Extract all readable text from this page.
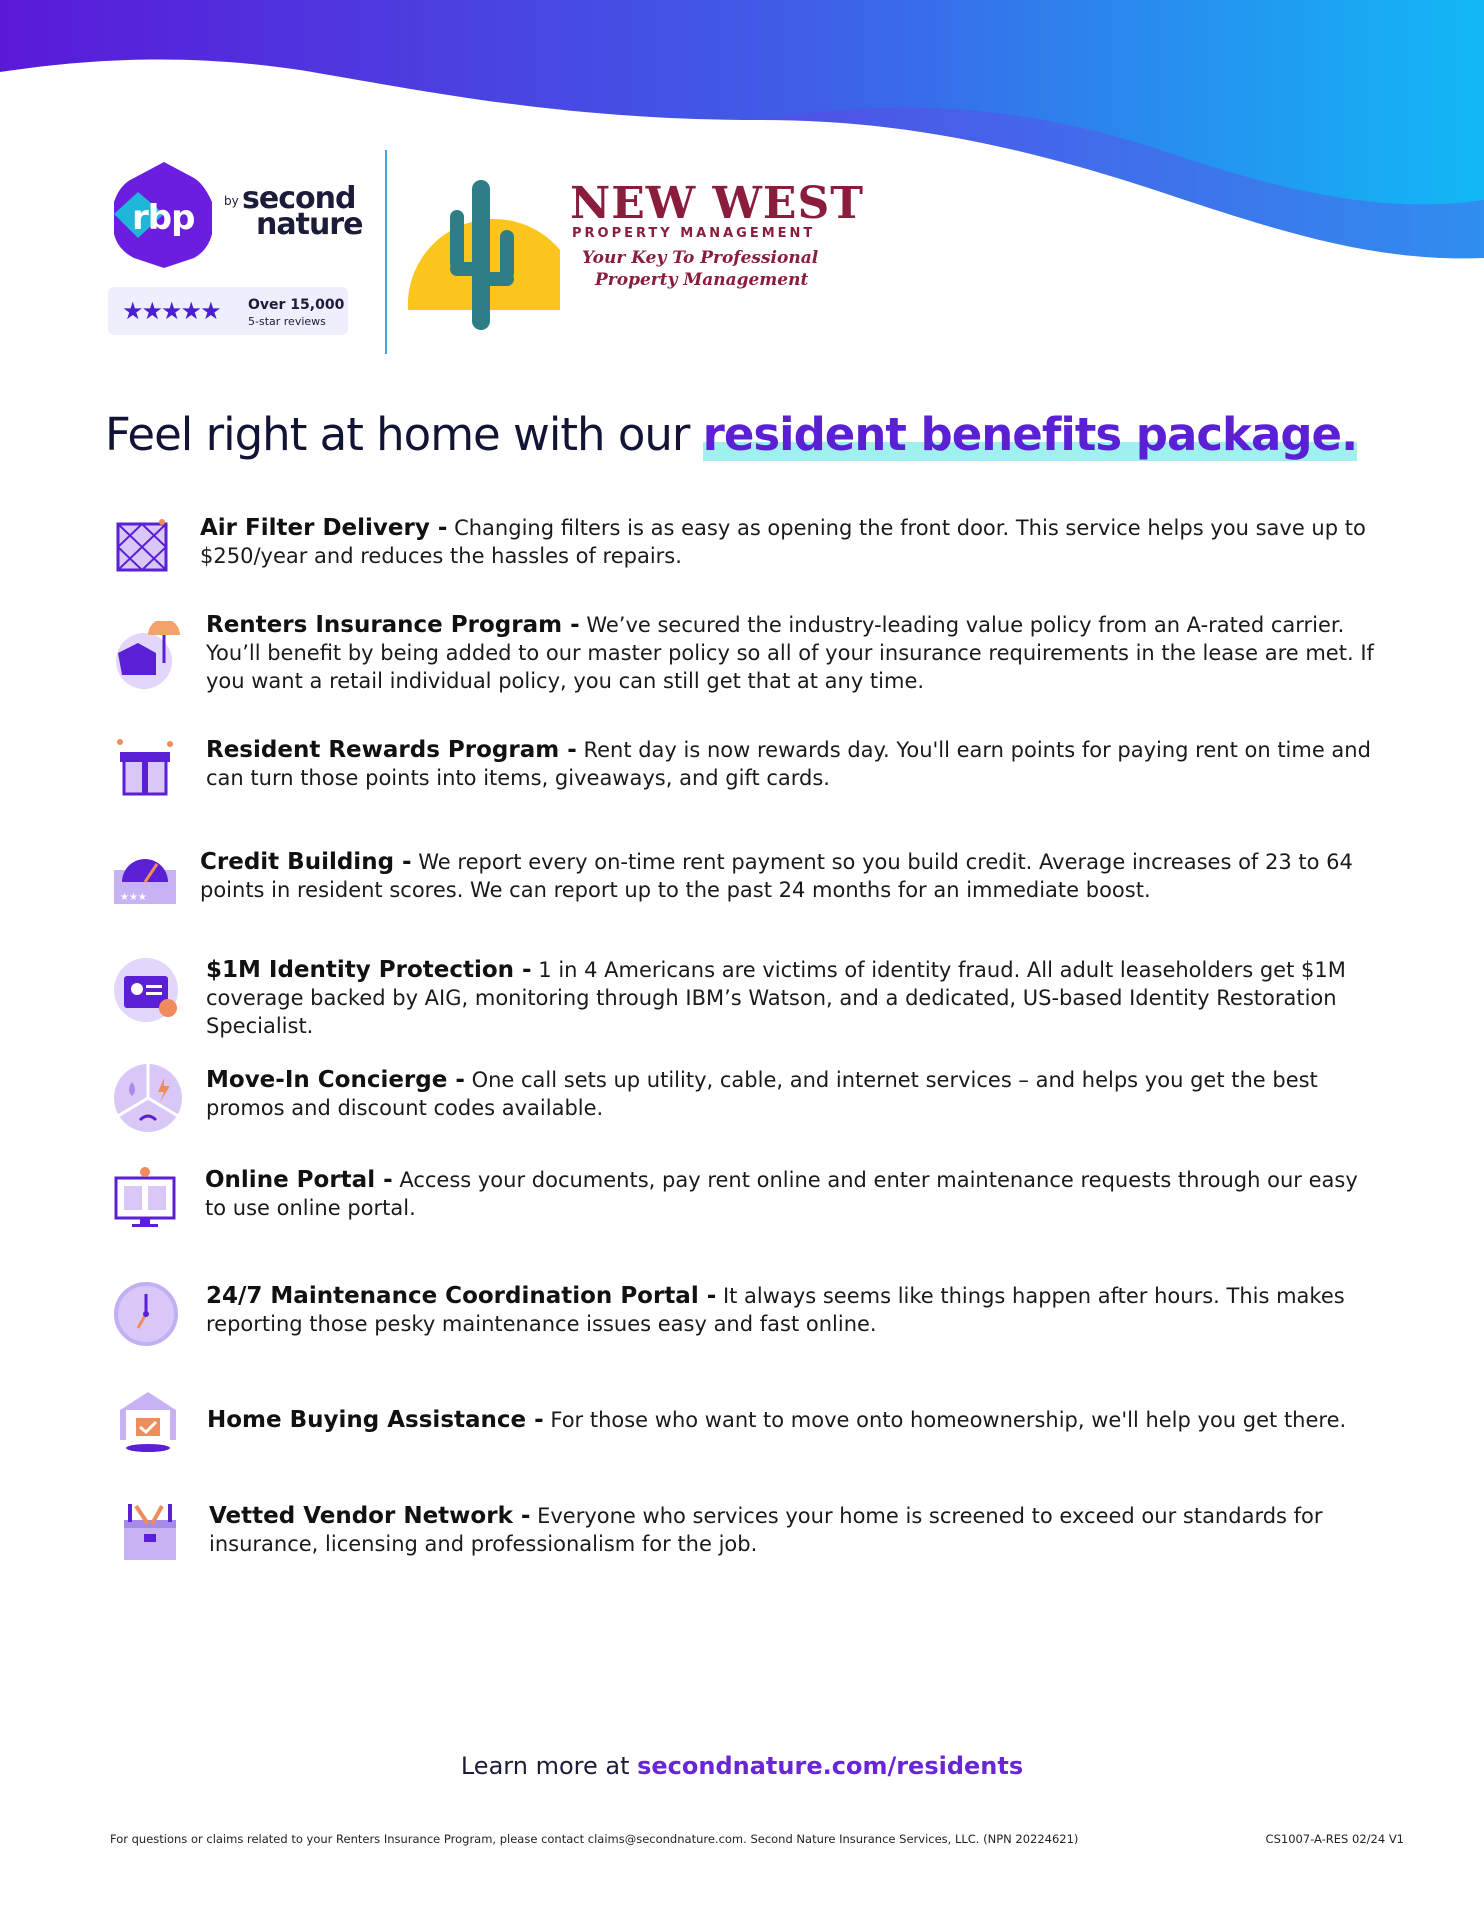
rbp by second
nature
★★★★★ Over 15,000
5-star reviews
NEW WEST
PROPERTY MANAGEMENT
Your Key To Professional
Property Management
Feel right at home with our resident benefits package.
Air Filter Delivery - Changing filters is as easy as opening the front door. This service helps you save up to $250/year and reduces the hassles of repairs.
Renters Insurance Program - We’ve secured the industry-leading value policy from an A-rated carrier. You’ll benefit by being added to our master policy so all of your insurance requirements in the lease are met. If you want a retail individual policy, you can still get that at any time.
Resident Rewards Program - Rent day is now rewards day. You'll earn points for paying rent on time and can turn those points into items, giveaways, and gift cards.
★★★
Credit Building - We report every on-time rent payment so you build credit. Average increases of 23 to 64 points in resident scores. We can report up to the past 24 months for an immediate boost.
$1M Identity Protection - 1 in 4 Americans are victims of identity fraud. All adult leaseholders get $1M coverage backed by AIG, monitoring through IBM’s Watson, and a dedicated, US-based Identity Restoration Specialist.
Move-In Concierge - One call sets up utility, cable, and internet services – and helps you get the best promos and discount codes available.
Online Portal - Access your documents, pay rent online and enter maintenance requests through our easy to use online portal.
24/7 Maintenance Coordination Portal - It always seems like things happen after hours. This makes reporting those pesky maintenance issues easy and fast online.
Home Buying Assistance - For those who want to move onto homeownership, we'll help you get there.
Vetted Vendor Network - Everyone who services your home is screened to exceed our standards for insurance, licensing and professionalism for the job.
Learn more at secondnature.com/residents
For questions or claims related to your Renters Insurance Program, please contact claims@secondnature.com. Second Nature Insurance Services, LLC. (NPN 20224621)	CS1007-A-RES 02/24 V1
